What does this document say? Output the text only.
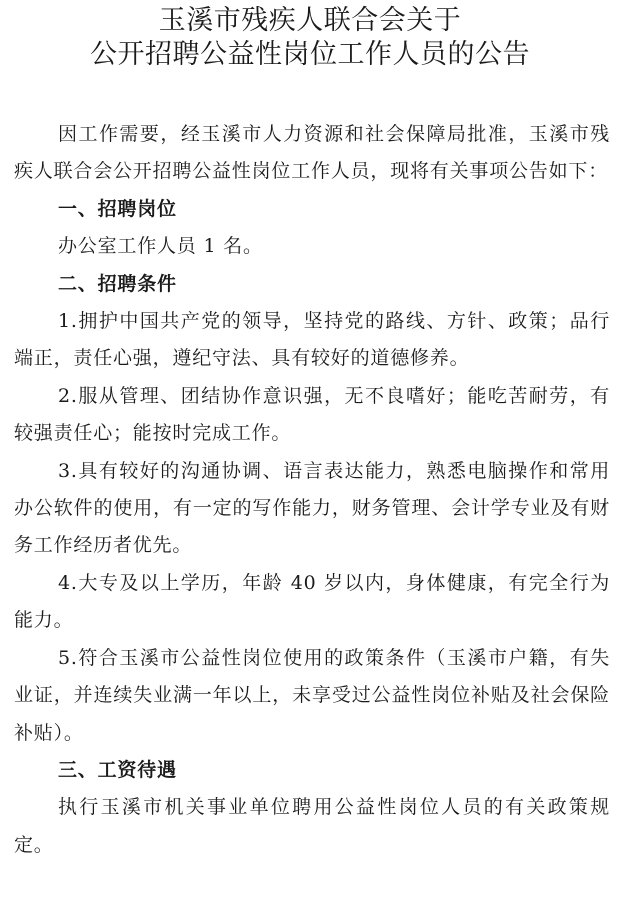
玉溪市残疾人联合会关于
公开招聘公益性岗位工作人员的公告

因工作需要，经玉溪市人力资源和社会保障局批准，玉溪市残疾人联合会公开招聘公益性岗位工作人员，现将有关事项公告如下：

一、招聘岗位

办公室工作人员 1 名。

二、招聘条件

1.拥护中国共产党的领导，坚持党的路线、方针、政策；品行端正，责任心强，遵纪守法、具有较好的道德修养。

2.服从管理、团结协作意识强，无不良嗜好；能吃苦耐劳，有较强责任心；能按时完成工作。

3.具有较好的沟通协调、语言表达能力，熟悉电脑操作和常用办公软件的使用，有一定的写作能力，财务管理、会计学专业及有财务工作经历者优先。

4.大专及以上学历，年龄 40 岁以内，身体健康，有完全行为能力。

5.符合玉溪市公益性岗位使用的政策条件（玉溪市户籍，有失业证，并连续失业满一年以上，未享受过公益性岗位补贴及社会保险补贴）。

三、工资待遇

执行玉溪市机关事业单位聘用公益性岗位人员的有关政策规定。
